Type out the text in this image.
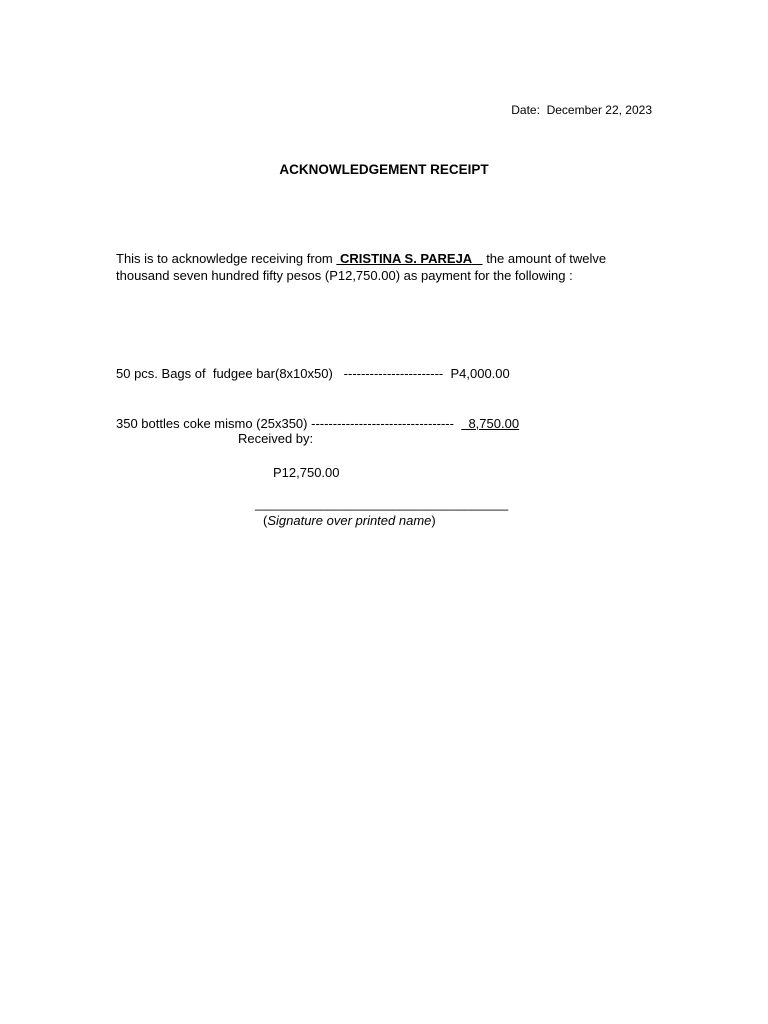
Date: December 22, 2023
ACKNOWLEDGEMENT RECEIPT
This is to acknowledge receiving from CRISTINA S. PAREJA the amount of twelve thousand seven hundred fifty pesos (P12,750.00) as payment for the following :

50 pcs. Bags of  fudgee bar(8x10x50) ----------------------- P4,000.00

350 bottles coke mismo (25x350) --------------------------------- 8,750.00

P12,750.00

Received by:
___________________________________
(Signature over printed name)
